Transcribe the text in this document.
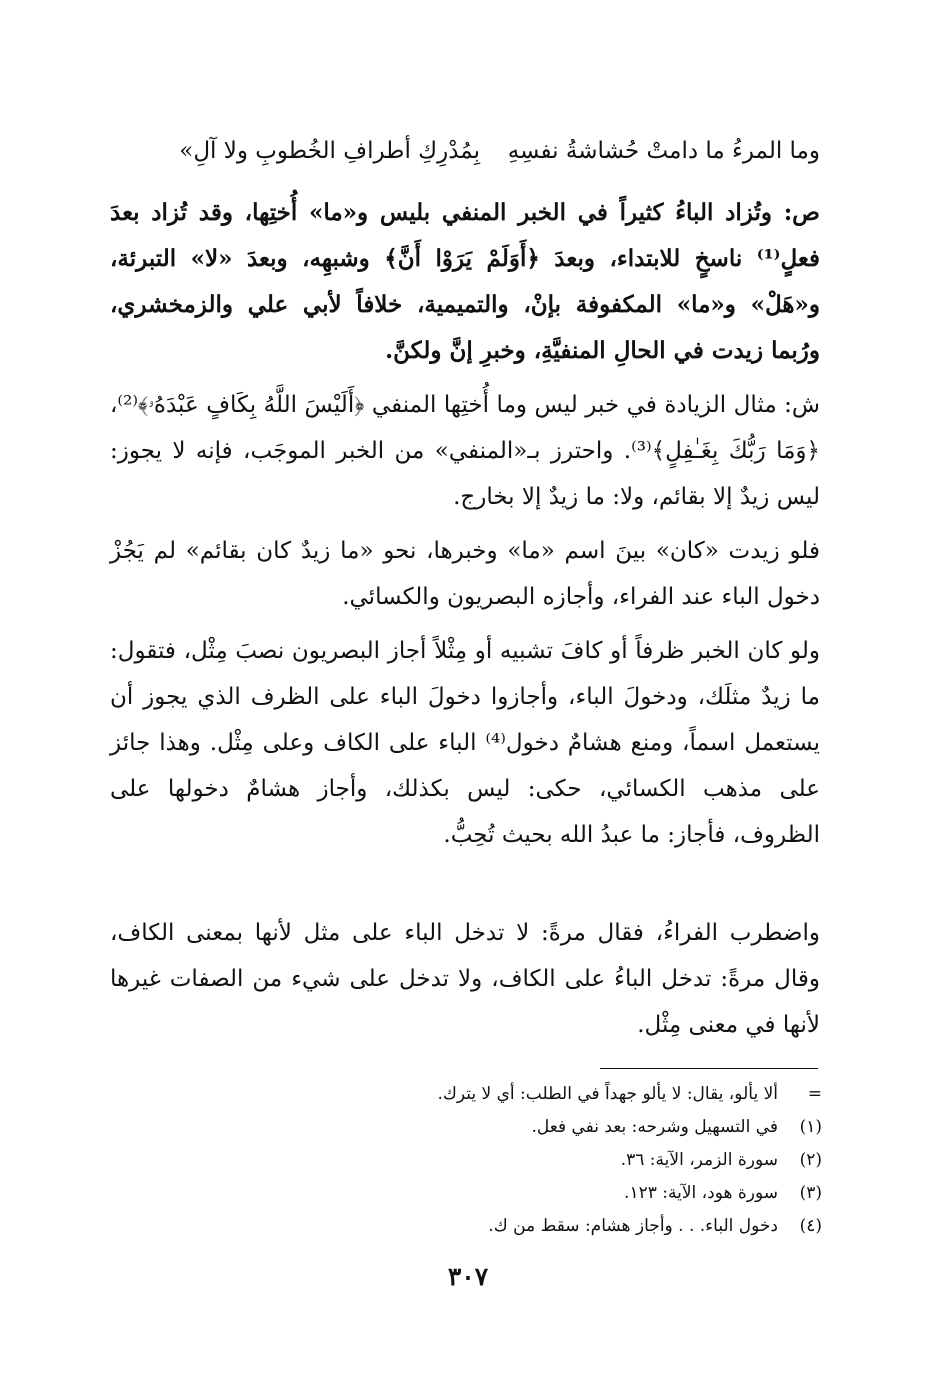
وما المرءُ ما دامتْ حُشاشةُ نفسِهِ
بِمُدْرِكِ أطرافِ الخُطوبِ ولا آلِ»

ص: وتُزاد الباءُ كثيراً في الخبر المنفي بليس و«ما» أُختِها، وقد تُزاد بعدَ فعلٍ⁽¹⁾ ناسخٍ للابتداء، وبعدَ ﴿أَوَلَمْ يَرَوْا أَنَّ﴾ وشبهِه، وبعدَ «لا» التبرئة، و«هَلْ» و«ما» المكفوفة بإنْ، والتميمية، خلافاً لأبي علي والزمخشري، ورُبما زيدت في الحالِ المنفيَّةِ، وخبرِ إنَّ ولكنَّ.

ش: مثال الزيادة في خبر ليس وما أُختِها المنفي ﴿أَلَيْسَ اللَّهُ بِكَافٍ عَبْدَهُۥ﴾⁽²⁾، ﴿وَمَا رَبُّكَ بِغَـٰفِلٍ﴾⁽³⁾. واحترز بـ«المنفي» من الخبر الموجَب، فإنه لا يجوز: ليس زيدٌ إلا بقائم، ولا: ما زيدٌ إلا بخارج.

فلو زيدت «كان» بينَ اسم «ما» وخبرها، نحو «ما زيدٌ كان بقائم» لم يَجُزْ دخول الباء عند الفراء، وأجازه البصريون والكسائي.

ولو كان الخبر ظرفاً أو كافَ تشبيه أو مِثْلاً أجاز البصريون نصبَ مِثْل، فتقول: ما زيدٌ مثلَك، ودخولَ الباء، وأجازوا دخولَ الباء على الظرف الذي يجوز أن يستعمل اسماً، ومنع هشامٌ دخول⁽⁴⁾ الباء على الكاف وعلى مِثْل. وهذا جائز على مذهب الكسائي، حكى: ليس بكذلك، وأجاز هشامٌ دخولها على الظروف، فأجاز: ما عبدُ الله بحيث تُحِبُّ.

واضطرب الفراءُ، فقال مرةً: لا تدخل الباء على مثل لأنها بمعنى الكاف، وقال مرةً: تدخل الباءُ على الكاف، ولا تدخل على شيء من الصفات غيرها لأنها في معنى مِثْل.

=
ألا يألو، يقال: لا يألو جهداً في الطلب: أي لا يترك.
(١)
في التسهيل وشرحه: بعد نفي فعل.
(٢)
سورة الزمر، الآية: ٣٦.
(٣)
سورة هود، الآية: ١٢٣.
(٤)
دخول الباء. . . وأجاز هشام: سقط من ك.
٣٠٧
